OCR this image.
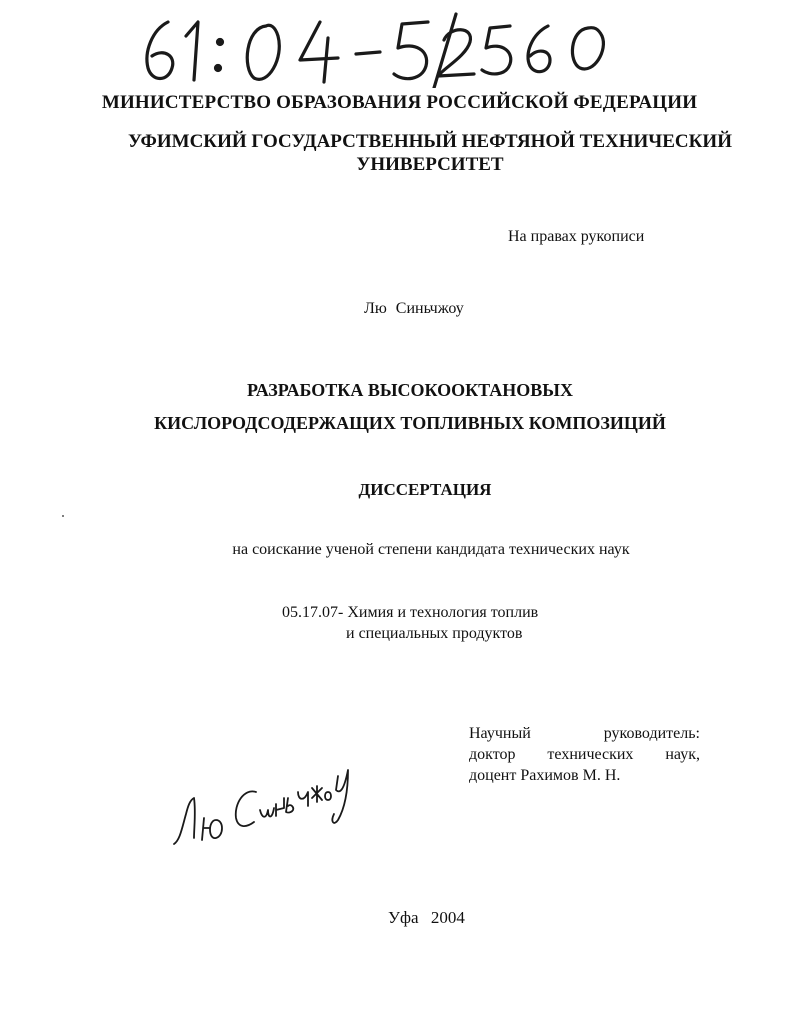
МИНИСТЕРСТВО ОБРАЗОВАНИЯ РОССИЙСКОЙ ФЕДЕРАЦИИ

УФИМСКИЙ ГОСУДАРСТВЕННЫЙ НЕФТЯНОЙ ТЕХНИЧЕСКИЙ
УНИВЕРСИТЕТ

На правах рукописи

Лю Синьчжоу

РАЗРАБОТКА ВЫСОКООКТАНОВЫХ
КИСЛОРОДСОДЕРЖАЩИХ ТОПЛИВНЫХ КОМПОЗИЦИЙ

ДИССЕРТАЦИЯ

на соискание ученой степени кандидата технических наук

05.17.07- Химия и технология топлив
и специальных продуктов
Научный руководитель:
доктор технических наук,
доцент Рахимов М. Н.

Уфа 2004
